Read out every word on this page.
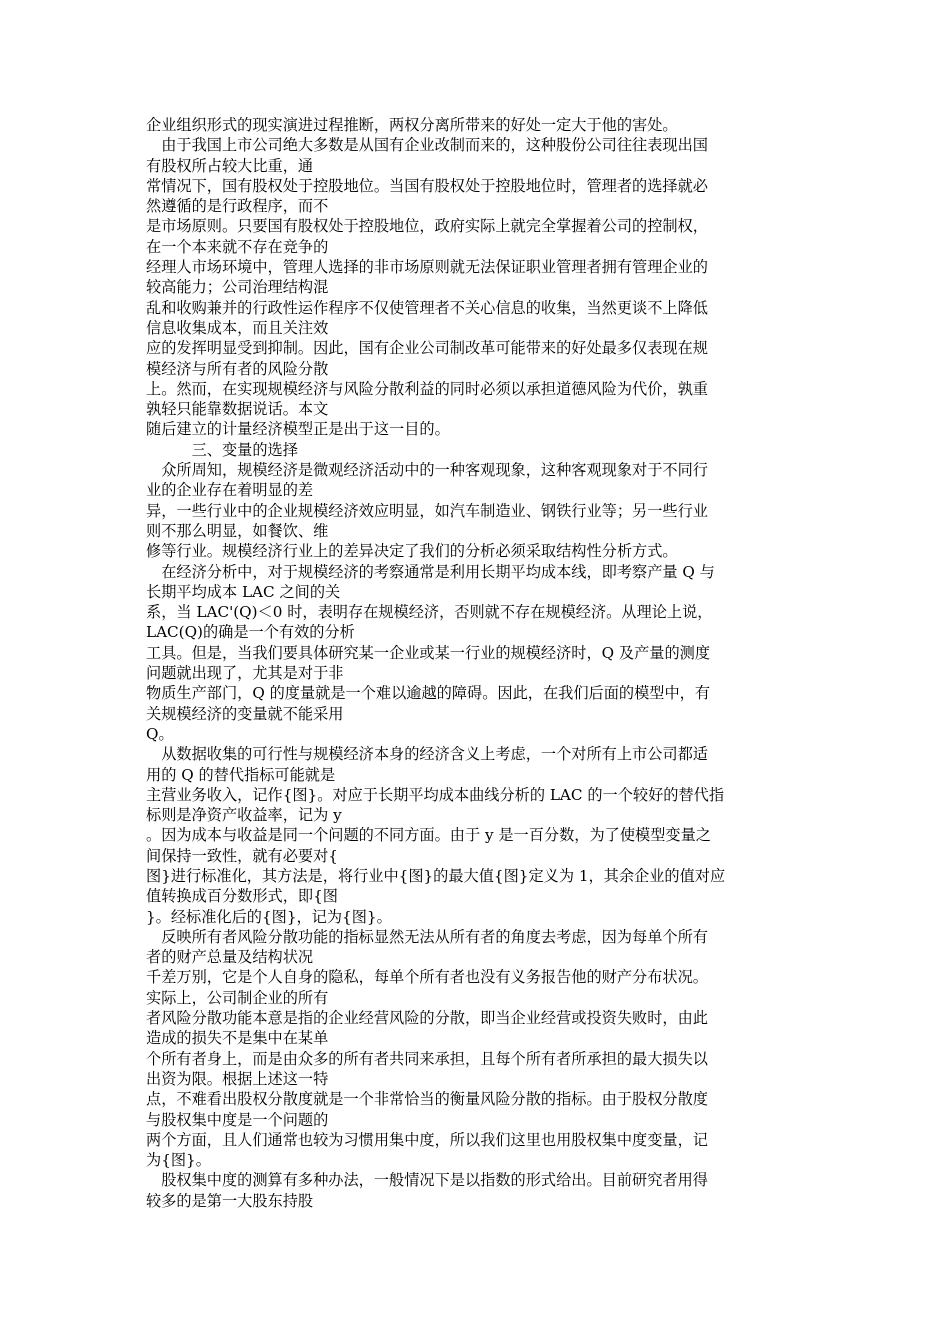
企业组织形式的现实演进过程推断，两权分离所带来的好处一定大于他的害处。
　由于我国上市公司绝大多数是从国有企业改制而来的，这种股份公司往往表现出国
有股权所占较大比重，通
常情况下，国有股权处于控股地位。当国有股权处于控股地位时，管理者的选择就必
然遵循的是行政程序，而不
是市场原则。只要国有股权处于控股地位，政府实际上就完全掌握着公司的控制权，
在一个本来就不存在竞争的
经理人市场环境中，管理人选择的非市场原则就无法保证职业管理者拥有管理企业的
较高能力；公司治理结构混
乱和收购兼并的行政性运作程序不仅使管理者不关心信息的收集，当然更谈不上降低
信息收集成本，而且关注效
应的发挥明显受到抑制。因此，国有企业公司制改革可能带来的好处最多仅表现在规
模经济与所有者的风险分散
上。然而，在实现规模经济与风险分散利益的同时必须以承担道德风险为代价，孰重
孰轻只能靠数据说话。本文
随后建立的计量经济模型正是出于这一目的。
　　　三、变量的选择
　众所周知，规模经济是微观经济活动中的一种客观现象，这种客观现象对于不同行
业的企业存在着明显的差
异，一些行业中的企业规模经济效应明显，如汽车制造业、钢铁行业等；另一些行业
则不那么明显，如餐饮、维
修等行业。规模经济行业上的差异决定了我们的分析必须采取结构性分析方式。
　在经济分析中，对于规模经济的考察通常是利用长期平均成本线，即考察产量 Q 与
长期平均成本 LAC 之间的关
系，当 LAC'(Q)＜0 时，表明存在规模经济，否则就不存在规模经济。从理论上说，
LAC(Q)的确是一个有效的分析
工具。但是，当我们要具体研究某一企业或某一行业的规模经济时，Q 及产量的测度
问题就出现了，尤其是对于非
物质生产部门，Q 的度量就是一个难以逾越的障碍。因此，在我们后面的模型中，有
关规模经济的变量就不能采用
Q。
　从数据收集的可行性与规模经济本身的经济含义上考虑，一个对所有上市公司都适
用的 Q 的替代指标可能就是
主营业务收入，记作{图}。对应于长期平均成本曲线分析的 LAC 的一个较好的替代指
标则是净资产收益率，记为 y
。因为成本与收益是同一个问题的不同方面。由于 y 是一百分数，为了使模型变量之
间保持一致性，就有必要对{
图}进行标准化，其方法是，将行业中{图}的最大值{图}定义为 1，其余企业的值对应
值转换成百分数形式，即{图
}。经标准化后的{图}，记为{图}。
　反映所有者风险分散功能的指标显然无法从所有者的角度去考虑，因为每单个所有
者的财产总量及结构状况
千差万别，它是个人自身的隐私，每单个所有者也没有义务报告他的财产分布状况。
实际上，公司制企业的所有
者风险分散功能本意是指的企业经营风险的分散，即当企业经营或投资失败时，由此
造成的损失不是集中在某单
个所有者身上，而是由众多的所有者共同来承担，且每个所有者所承担的最大损失以
出资为限。根据上述这一特
点，不难看出股权分散度就是一个非常恰当的衡量风险分散的指标。由于股权分散度
与股权集中度是一个问题的
两个方面，且人们通常也较为习惯用集中度，所以我们这里也用股权集中度变量，记
为{图}。
　股权集中度的测算有多种办法，一般情况下是以指数的形式给出。目前研究者用得
较多的是第一大股东持股
